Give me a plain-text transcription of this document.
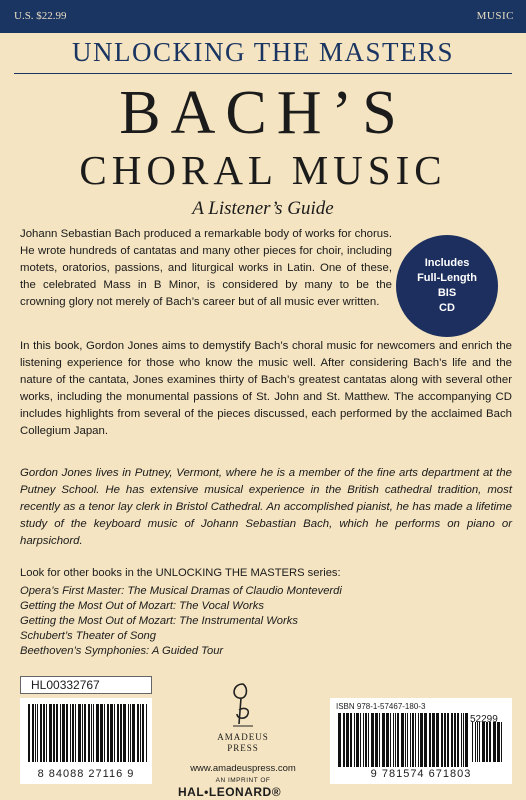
U.S. $22.99	MUSIC
UNLOCKING THE MASTERS
BACH’S
CHORAL MUSIC
A Listener’s Guide
Includes
Full-Length
BIS
CD

Johann Sebastian Bach produced a remarkable body of works for chorus. He wrote hundreds of cantatas and many other pieces for choir, including motets, oratorios, passions, and liturgical works in Latin. One of these, the celebrated Mass in B Minor, is considered by many to be the crowning glory not merely of Bach’s career but of all music ever written.

In this book, Gordon Jones aims to demystify Bach’s choral music for newcomers and enrich the listening experience for those who know the music well. After considering Bach’s life and the nature of the cantata, Jones examines thirty of Bach’s greatest cantatas along with several other works, including the monumental passions of St. John and St. Matthew. The accompanying CD includes highlights from several of the pieces discussed, each performed by the acclaimed Bach Collegium Japan.

Gordon Jones lives in Putney, Vermont, where he is a member of the fine arts department at the Putney School. He has extensive musical experience in the British cathedral tradition, most recently as a tenor lay clerk in Bristol Cathedral. An accomplished pianist, he has made a lifetime study of the keyboard music of Johann Sebastian Bach, which he performs on piano or harpsichord.

Look for other books in the UNLOCKING THE MASTERS series:
Opera’s First Master: The Musical Dramas of Claudio Monteverdi
Getting the Most Out of Mozart: The Vocal Works
Getting the Most Out of Mozart: The Instrumental Works
Schubert’s Theater of Song
Beethoven’s Symphonies: A Guided Tour
HL00332767
8 84088 27116 9
AMADEUS
PRESS
www.amadeuspress.com
AN IMPRINT OF
HAL•LEONARD®
9 781574 671803
ISBN 978-1-57467-180-3
52299
